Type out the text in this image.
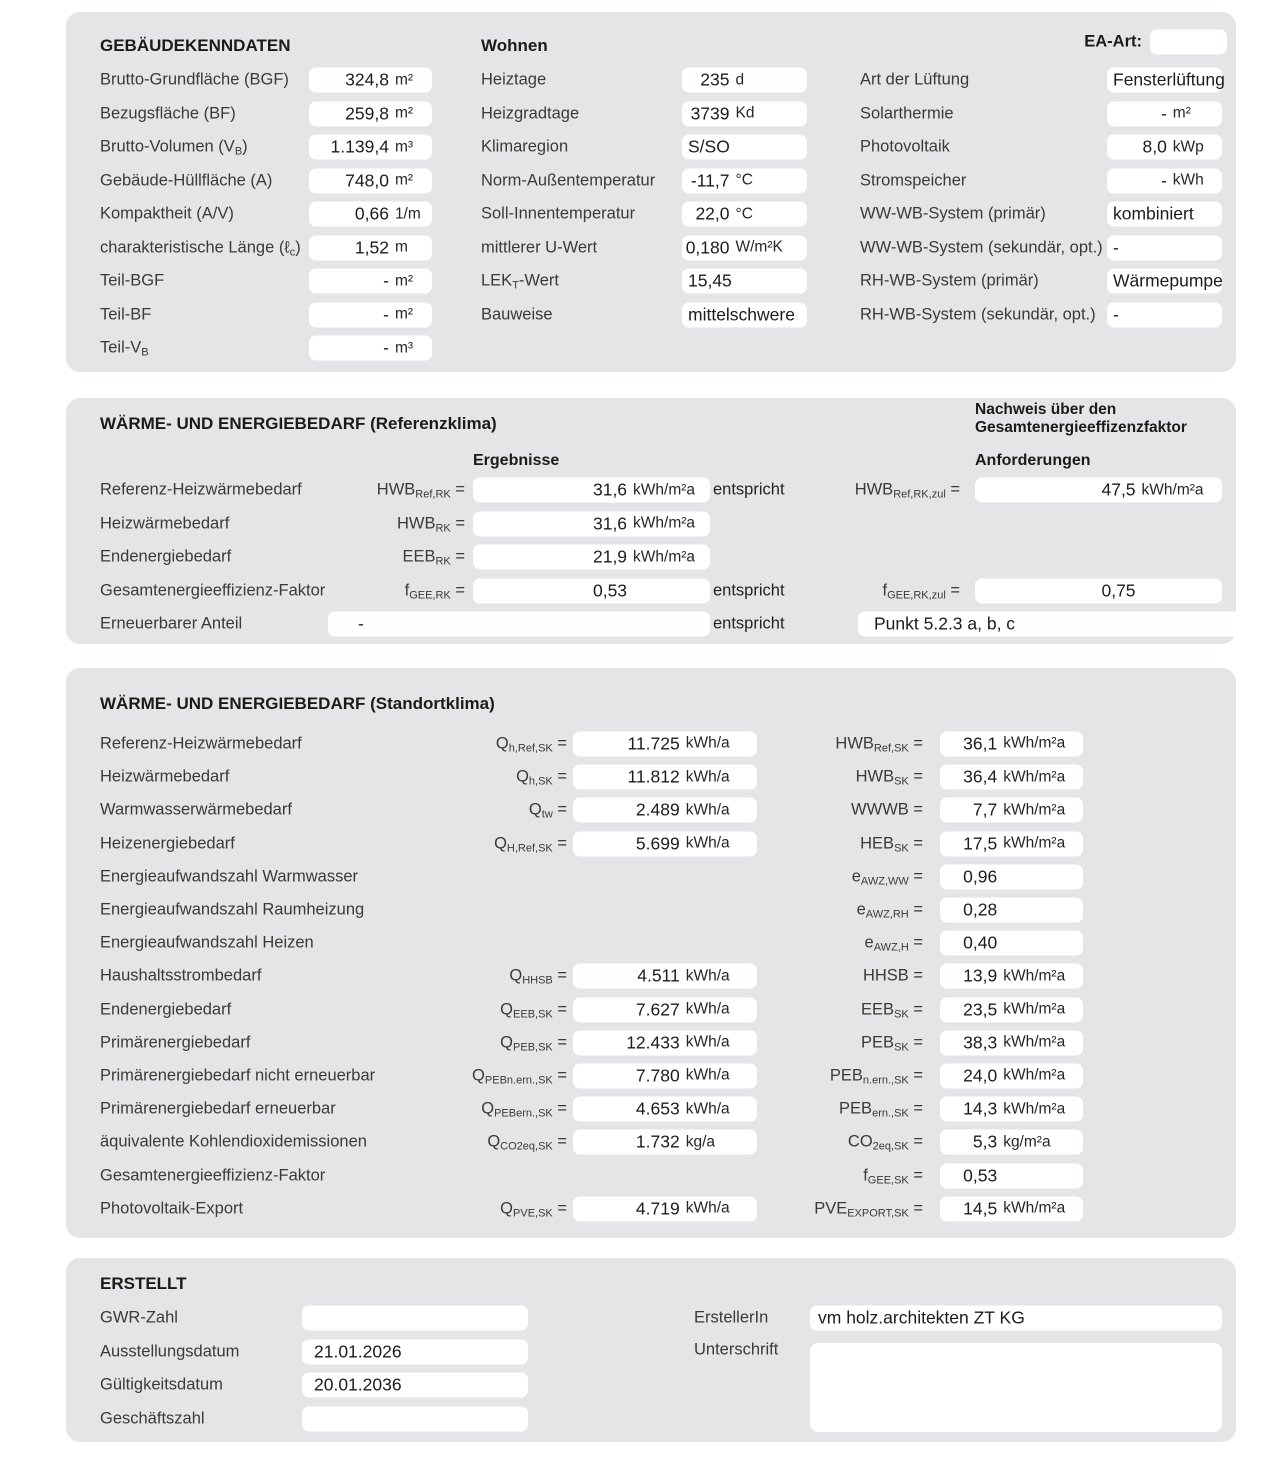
GEBÄUDEKENNDATEN	Wohnen	EA-Art:
Brutto-Grundfläche (BGF)	324,8 m²
Bezugsfläche (BF)	259,8 m²
Brutto-Volumen $(V_B)$	1.139,4 m³
Gebäude-Hüllfläche (A)	748,0 m²
Kompaktheit (A/V)	0,66 1/m
charakteristische Länge (ℓ$_c$)	1,52 m
Teil-BGF	- m²
Teil-BF	- m²
Teil-$V_B$	- m³
Heiztage	235 d
Heizgradtage	3739 Kd
Klimaregion	S/SO
Norm-Außentemperatur	-11,7 °C
Soll-Innentemperatur	22,0 °C
mittlerer U-Wert	0,180 W/m²K
$LEK_T$-Wert	15,45
Bauweise	mittelschwere
Art der Lüftung	Fensterlüftung
Solarthermie	- m²
Photovoltaik	8,0 kWp
Stromspeicher	- kWh
WW-WB-System (primär)	kombiniert
WW-WB-System (sekundär, opt.) -
RH-WB-System (primär)	Wärmepumpe
RH-WB-System (sekundär, opt.) -
WÄRME- UND ENERGIEBEDARF (Referenzklima)
Nachweis über den
Gesamtenergieeffizenzfaktor
Ergebnisse	Anforderungen
Referenz-Heizwärmebedarf	$HWB_{Ref,RK}$ =	31,6 kWh/m²a entspricht	$HWB_{Ref,RK,zul}$ =	47,5 kWh/m²a
Heizwärmebedarf	$HWB_{RK}$ =	31,6 kWh/m²a
Endenergiebedarf	$EEB_{RK}$ =	21,9 kWh/m²a
Gesamtenergieeffizienz-Faktor	$f_{GEE,RK}$ =	0,53	entspricht	$f_{GEE,RK,zul}$ =	0,75
Erneuerbarer Anteil	-	entspricht	Punkt 5.2.3 a, b, c
WÄRME- UND ENERGIEBEDARF (Standortklima)
Referenz-Heizwärmebedarf	$Q_{h,Ref,SK}$ =	11.725 kWh/a	$HWB_{Ref,SK}$ =	36,1 kWh/m²a
Heizwärmebedarf	$Q_{h,SK}$ =	11.812 kWh/a	$HWB_{SK}$ =	36,4 kWh/m²a
Warmwasserwärmebedarf	$Q_{tw}$ =	2.489 kWh/a	WWWB =	7,7 kWh/m²a
Heizenergiebedarf	$Q_{H,Ref,SK}$ =	5.699 kWh/a	$HEB_{SK}$ =	17,5 kWh/m²a
Energieaufwandszahl Warmwasser	$e_{AWZ,WW}$ =	0,96
Energieaufwandszahl Raumheizung	$e_{AWZ,RH}$ =	0,28
Energieaufwandszahl Heizen	$e_{AWZ,H}$ =	0,40
Haushaltsstrombedarf	$Q_{HHSB}$ =	4.511 kWh/a	HHSB =	13,9 kWh/m²a
Endenergiebedarf	$Q_{EEB,SK}$ =	7.627 kWh/a	$EEB_{SK}$ =	23,5 kWh/m²a
Primärenergiebedarf	$Q_{PEB,SK}$ =	12.433 kWh/a	$PEB_{SK}$ =	38,3 kWh/m²a
Primärenergiebedarf nicht erneuerbar	$Q_{PEBn.ern.,SK}$ =	7.780 kWh/a	$PEB_{n.ern.,SK}$ =	24,0 kWh/m²a
Primärenergiebedarf erneuerbar	$Q_{PEBern.,SK}$ =	4.653 kWh/a	$PEB_{ern.,SK}$ =	14,3 kWh/m²a
äquivalente Kohlendioxidemissionen	$Q_{CO2eq,SK}$ =	1.732 kg/a	$CO_{2eq,SK}$ =	5,3 kg/m²a
Gesamtenergieeffizienz-Faktor	$f_{GEE,SK}$ =	0,53
Photovoltaik-Export	$Q_{PVE,SK}$ =	4.719 kWh/a	$PVE_{EXPORT,SK}$ =	14,5 kWh/m²a
ERSTELLT
GWR-Zahl
Ausstellungsdatum	21.01.2026
Gültigkeitsdatum	20.01.2036
Geschäftszahl
ErstellerIn	vm holz.architekten ZT KG
Unterschrift
